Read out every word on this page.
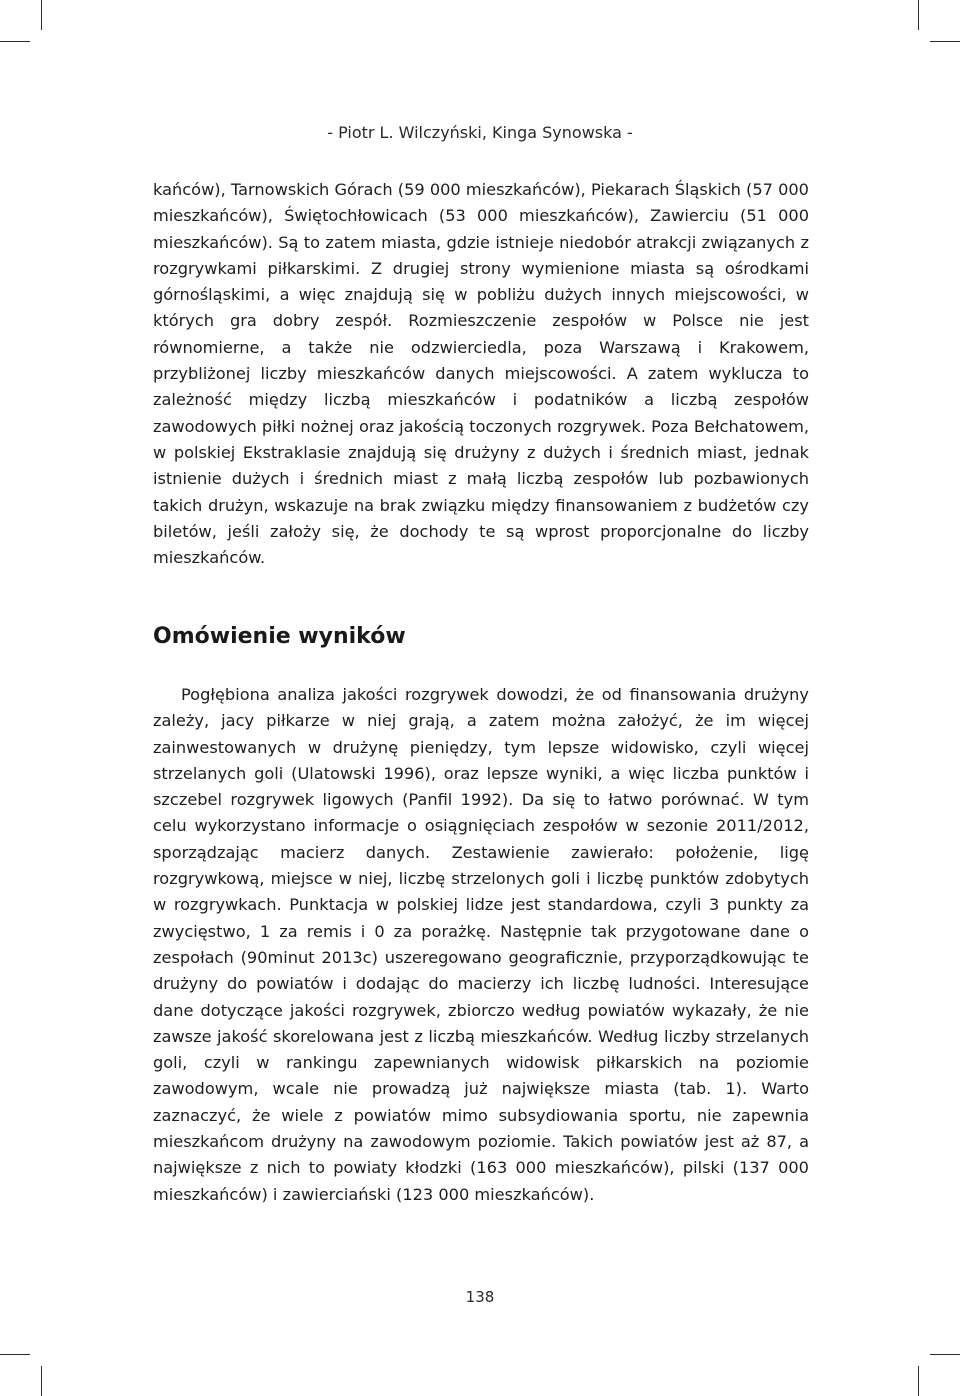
- Piotr L. Wilczyński, Kinga Synowska -

kańców), Tarnowskich Górach (59 000 mieszkańców), Piekarach Śląskich (57 000 mieszkańców), Świętochłowicach (53 000 mieszkańców), Zawierciu (51 000 mieszkańców). Są to zatem miasta, gdzie istnieje niedobór atrakcji związanych z rozgrywkami piłkarskimi. Z drugiej strony wymienione miasta są ośrodkami górnośląskimi, a więc znajdują się w pobliżu dużych innych miejscowości, w których gra dobry zespół. Rozmieszczenie zespołów w Polsce nie jest równomierne, a także nie odzwierciedla, poza Warszawą i Krakowem, przybliżonej liczby mieszkańców danych miejscowości. A zatem wyklucza to zależność między liczbą mieszkańców i podatników a liczbą zespołów zawodowych piłki nożnej oraz jakością toczonych rozgrywek. Poza Bełchatowem, w polskiej Ekstraklasie znajdują się drużyny z dużych i średnich miast, jednak istnienie dużych i średnich miast z małą liczbą zespołów lub pozbawionych takich drużyn, wskazuje na brak związku między finansowaniem z budżetów czy biletów, jeśli założy się, że dochody te są wprost proporcjonalne do liczby mieszkańców.

Omówienie wyników

Pogłębiona analiza jakości rozgrywek dowodzi, że od finansowania drużyny zależy, jacy piłkarze w niej grają, a zatem można założyć, że im więcej zainwestowanych w drużynę pieniędzy, tym lepsze widowisko, czyli więcej strzelanych goli (Ulatowski 1996), oraz lepsze wyniki, a więc liczba punktów i szczebel rozgrywek ligowych (Panfil 1992). Da się to łatwo porównać. W tym celu wykorzystano informacje o osiągnięciach zespołów w sezonie 2011/2012, sporządzając macierz danych. Zestawienie zawierało: położenie, ligę rozgrywkową, miejsce w niej, liczbę strzelonych goli i liczbę punktów zdobytych w rozgrywkach. Punktacja w polskiej lidze jest standardowa, czyli 3 punkty za zwycięstwo, 1 za remis i 0 za porażkę. Następnie tak przygotowane dane o zespołach (90minut 2013c) uszeregowano geograficznie, przyporządkowując te drużyny do powiatów i dodając do macierzy ich liczbę ludności. Interesujące dane dotyczące jakości rozgrywek, zbiorczo według powiatów wykazały, że nie zawsze jakość skorelowana jest z liczbą mieszkańców. Według liczby strzelanych goli, czyli w rankingu zapewnianych widowisk piłkarskich na poziomie zawodowym, wcale nie prowadzą już największe miasta (tab. 1). Warto zaznaczyć, że wiele z powiatów mimo subsydiowania sportu, nie zapewnia mieszkańcom drużyny na zawodowym poziomie. Takich powiatów jest aż 87, a największe z nich to powiaty kłodzki (163 000 mieszkańców), pilski (137 000 mieszkańców) i zawierciański (123 000 mieszkańców).

138
